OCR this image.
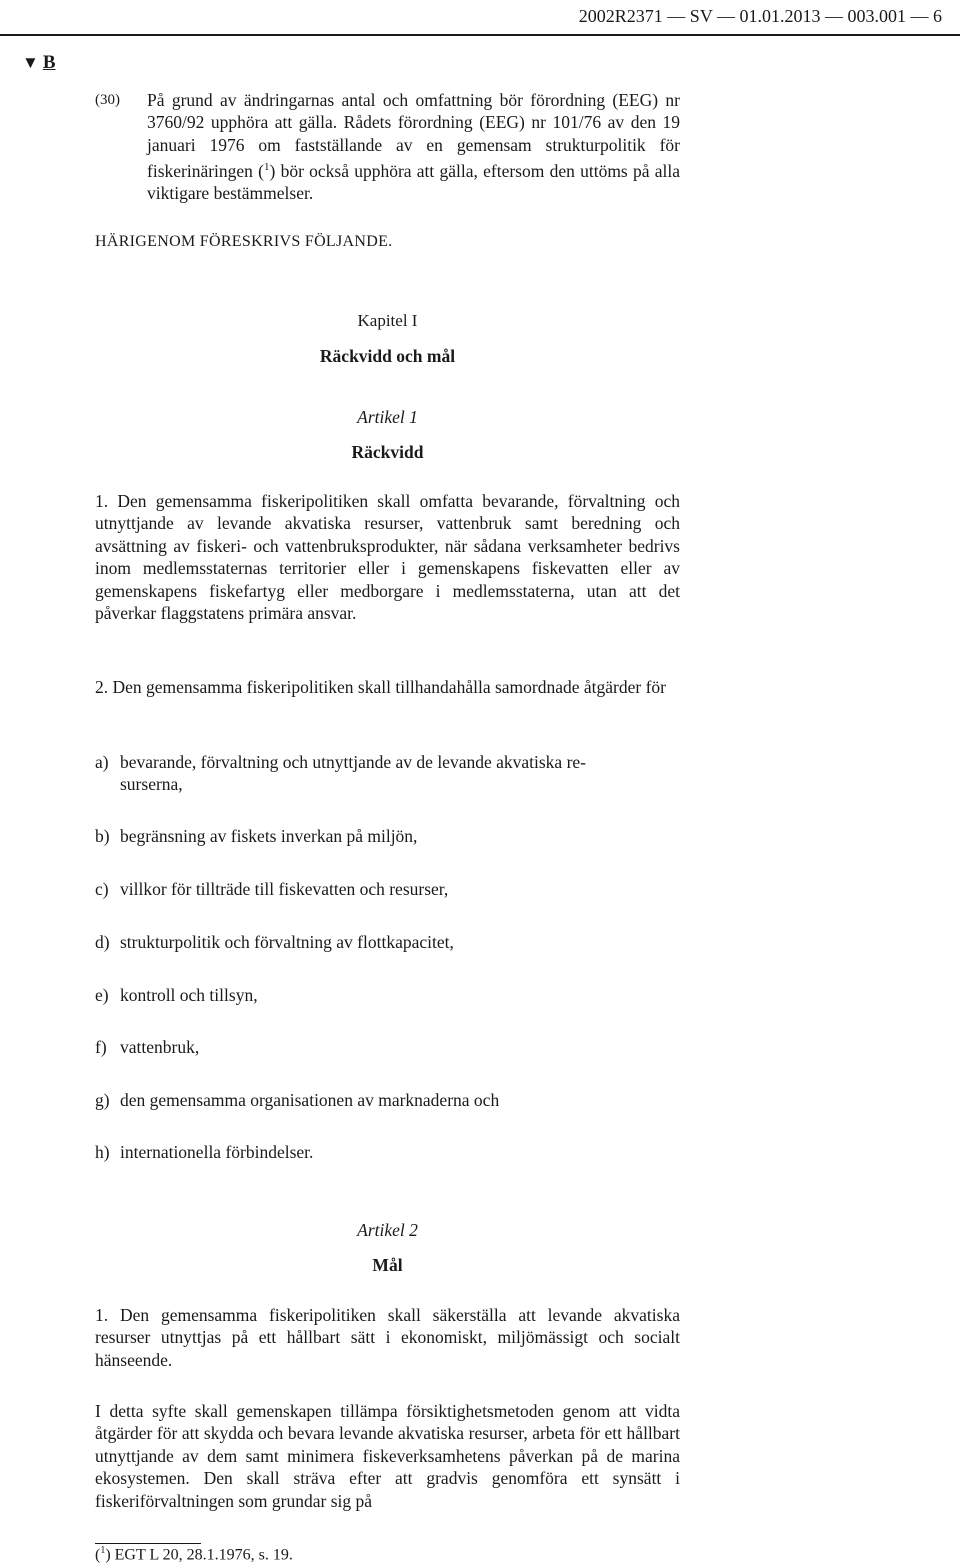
2002R2371 — SV — 01.01.2013 — 003.001 — 6
▼ B
(30) På grund av ändringarnas antal och omfattning bör förordning (EEG) nr 3760/92 upphöra att gälla. Rådets förordning (EEG) nr 101/76 av den 19 januari 1976 om fastställande av en gemensam strukturpolitik för fiskerinäringen ($^1$) bör också upphöra att gälla, eftersom den uttöms på alla viktigare bestämmelser.
HÄRIGENOM FÖRESKRIVS FÖLJANDE.
Kapitel I
Räckvidd och mål
Artikel 1
Räckvidd
1. Den gemensamma fiskeripolitiken skall omfatta bevarande, förvaltning och utnyttjande av levande akvatiska resurser, vattenbruk samt beredning och avsättning av fiskeri- och vattenbruksprodukter, när sådana verksamheter bedrivs inom medlemsstaternas territorier eller i gemenskapens fiskevatten eller av gemenskapens fiskefartyg eller medborgare i medlemsstaterna, utan att det påverkar flaggstatens primära ansvar.
2. Den gemensamma fiskeripolitiken skall tillhandahålla samordnade åtgärder för
a) bevarande, förvaltning och utnyttjande av de levande akvatiska re-
surserna,
b) begränsning av fiskets inverkan på miljön,
c) villkor för tillträde till fiskevatten och resurser,
d) strukturpolitik och förvaltning av flottkapacitet,
e) kontroll och tillsyn,
f) vattenbruk,
g) den gemensamma organisationen av marknaderna och
h) internationella förbindelser.
Artikel 2
Mål
1. Den gemensamma fiskeripolitiken skall säkerställa att levande akvatiska resurser utnyttjas på ett hållbart sätt i ekonomiskt, miljömässigt och socialt hänseende.
I detta syfte skall gemenskapen tillämpa försiktighetsmetoden genom att vidta åtgärder för att skydda och bevara levande akvatiska resurser, arbeta för ett hållbart utnyttjande av dem samt minimera fiskeverksamhetens påverkan på de marina ekosystemen. Den skall sträva efter att gradvis genomföra ett synsätt i fiskeriförvaltningen som grundar sig på
($^1$) EGT L 20, 28.1.1976, s. 19.
